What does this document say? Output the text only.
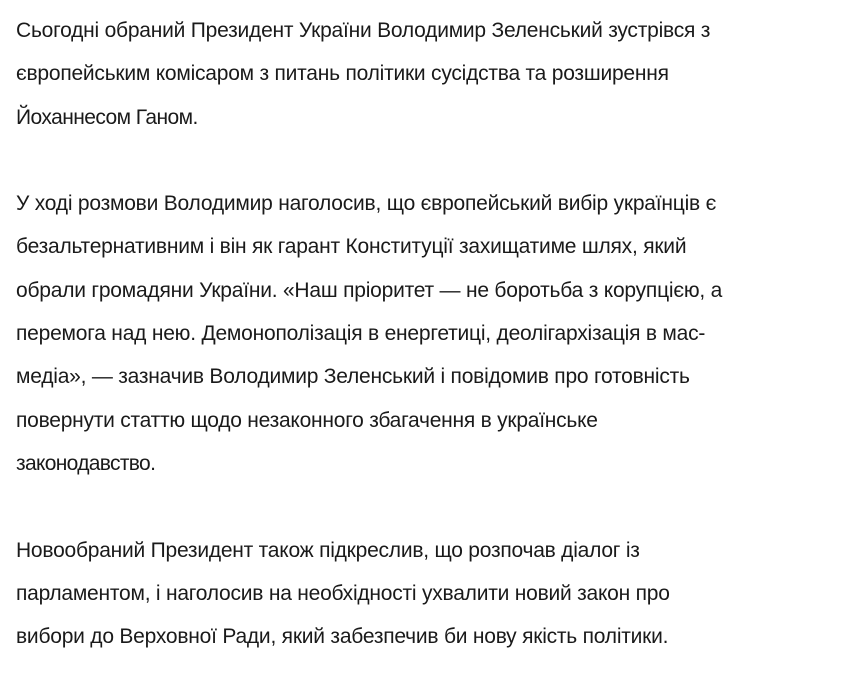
Сьогодні обраний Президент України Володимир Зеленський зустрівся з
європейським комісаром з питань політики сусідства та розширення
Йоханнесом Ганом.
У ході розмови Володимир наголосив, що європейський вибір українців є
безальтернативним і він як гарант Конституції захищатиме шлях, який
обрали громадяни України. «Наш пріоритет — не боротьба з корупцією, а
перемога над нею. Демонополізація в енергетиці, деолігархізація в мас-
медіа», — зазначив Володимир Зеленський і повідомив про готовність
повернути статтю щодо незаконного збагачення в українське
законодавство.
Новообраний Президент також підкреслив, що розпочав діалог із
парламентом, і наголосив на необхідності ухвалити новий закон про
вибори до Верховної Ради, який забезпечив би нову якість політики.
